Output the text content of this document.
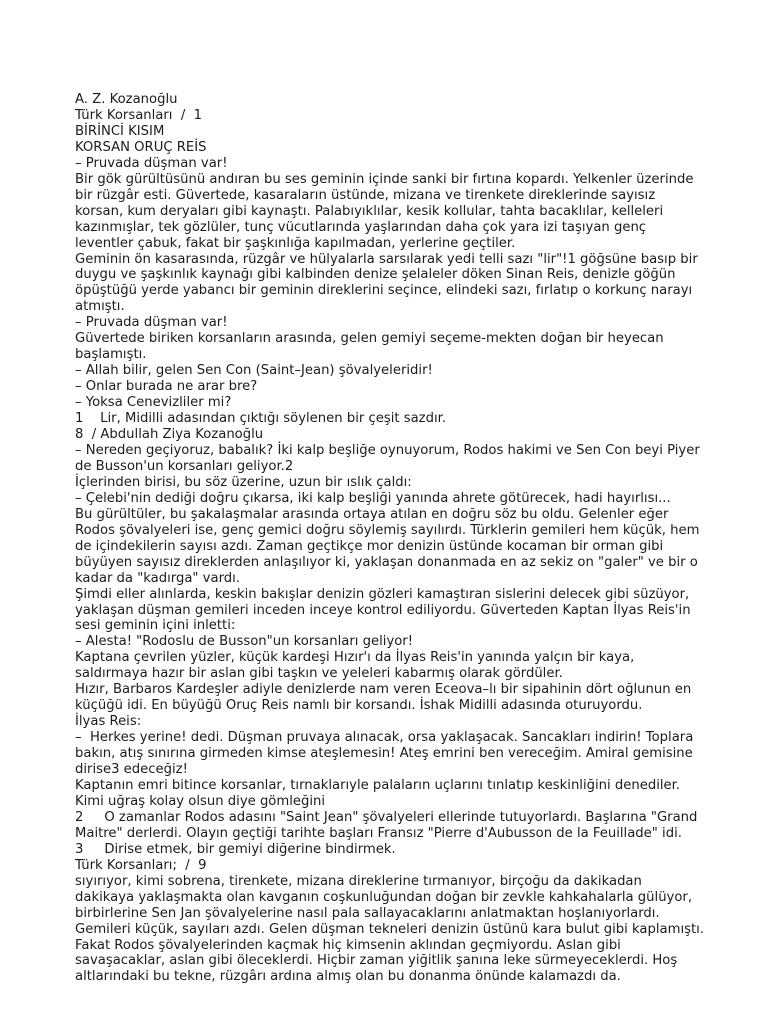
A. Z. Kozanoğlu

Türk Korsanları  /  1

BİRİNCİ KISIM

KORSAN ORUÇ REİS

– Pruvada düşman var!

Bir gök gürültüsünü andıran bu ses geminin içinde sanki bir fırtına kopardı. Yelkenler üzerinde bir rüzgâr esti. Güvertede, kasaraların üstünde, mizana ve tirenkete direklerinde sayısız korsan, kum deryaları gibi kaynaştı. Palabıyıklılar, kesik kollular, tahta bacaklılar, kelleleri kazınmışlar, tek gözlüler, tunç vücutlarında yaşlarından daha çok yara izi taşıyan genç leventler çabuk, fakat bir şaşkınlığa kapılmadan, yerlerine geçtiler.

Geminin ön kasarasında, rüzgâr ve hülyalarla sarsılarak yedi telli sazı "lir"!1 göğsüne basıp bir duygu ve şaşkınlık kaynağı gibi kalbinden denize şelaleler döken Sinan Reis, denizle göğün öpüştüğü yerde yabancı bir geminin direklerini seçince, elindeki sazı, fırlatıp o korkunç narayı atmıştı.

– Pruvada düşman var!

Güvertede biriken korsanların arasında, gelen gemiyi seçeme-mekten doğan bir heyecan başlamıştı.

– Allah bilir, gelen Sen Con (Saint–Jean) şövalyeleridir!

– Onlar burada ne arar bre?

– Yoksa Cenevizliler mi?

1    Lir, Midilli adasından çıktığı söylenen bir çeşit sazdır.

8  / Abdullah Ziya Kozanoğlu

– Nereden geçiyoruz, babalık? İki kalp beşliğe oynuyorum, Rodos hakimi ve Sen Con beyi Piyer de Busson'un korsanları geliyor.2

İçlerinden birisi, bu söz üzerine, uzun bir ıslık çaldı:

– Çelebi'nin dediği doğru çıkarsa, iki kalp beşliği yanında ahrete götürecek, hadi hayırlısı...

Bu gürültüler, bu şakalaşmalar arasında ortaya atılan en doğru söz bu oldu. Gelenler eğer Rodos şövalyeleri ise, genç gemici doğru söylemiş sayılırdı. Türklerin gemileri hem küçük, hem de içindekilerin sayısı azdı. Zaman geçtikçe mor denizin üstünde kocaman bir orman gibi büyüyen sayısız direklerden anlaşılıyor ki, yaklaşan donanmada en az sekiz on "galer" ve bir o kadar da "kadırga" vardı.

Şimdi eller alınlarda, keskin bakışlar denizin gözleri kamaştıran sislerini delecek gibi süzüyor, yaklaşan düşman gemileri inceden inceye kontrol ediliyordu. Güverteden Kaptan İlyas Reis'in sesi geminin içini inletti:

– Alesta! "Rodoslu de Busson"un korsanları geliyor!

Kaptana çevrilen yüzler, küçük kardeşi Hızır'ı da İlyas Reis'in yanında yalçın bir kaya, saldırmaya hazır bir aslan gibi taşkın ve yeleleri kabarmış olarak gördüler.

Hızır, Barbaros Kardeşler adiyle denizlerde nam veren Eceova–lı bir sipahinin dört oğlunun en küçüğü idi. En büyüğü Oruç Reis namlı bir korsandı. İshak Midilli adasında oturuyordu.

İlyas Reis:

–  Herkes yerine! dedi. Düşman pruvaya alınacak, orsa yaklaşacak. Sancakları indirin! Toplara bakın, atış sınırına girmeden kimse ateşlemesin! Ateş emrini ben vereceğim. Amiral gemisine dirise3 edeceğiz!

Kaptanın emri bitince korsanlar, tırnaklarıyle palaların uçlarını tınlatıp keskinliğini denediler. Kimi uğraş kolay olsun diye gömleğini

2     O zamanlar Rodos adasını "Saint Jean" şövalyeleri ellerinde tutuyorlardı. Başlarına "Grand Maitre" derlerdi. Olayın geçtiği tarihte başları Fransız "Pierre d'Aubusson de la Feuillade" idi.

3     Dirise etmek, bir gemiyi diğerine bindirmek.

Türk Korsanları;  /  9

sıyırıyor, kimi sobrena, tirenkete, mizana direklerine tırmanıyor, birçoğu da dakikadan dakikaya yaklaşmakta olan kavganın coşkunluğundan doğan bir zevkle kahkahalarla gülüyor, birbirlerine Sen Jan şövalyelerine nasıl pala sallayacaklarını anlatmaktan hoşlanıyorlardı. Gemileri küçük, sayıları azdı. Gelen düşman tekneleri denizin üstünü kara bulut gibi kaplamıştı. Fakat Rodos şövalyelerinden kaçmak hiç kimsenin aklından geçmiyordu. Aslan gibi savaşacaklar, aslan gibi öleceklerdi. Hiçbir zaman yiğitlik şanına leke sürmeyeceklerdi. Hoş altlarındaki bu tekne, rüzgârı ardına almış olan bu donanma önünde kalamazdı da.
